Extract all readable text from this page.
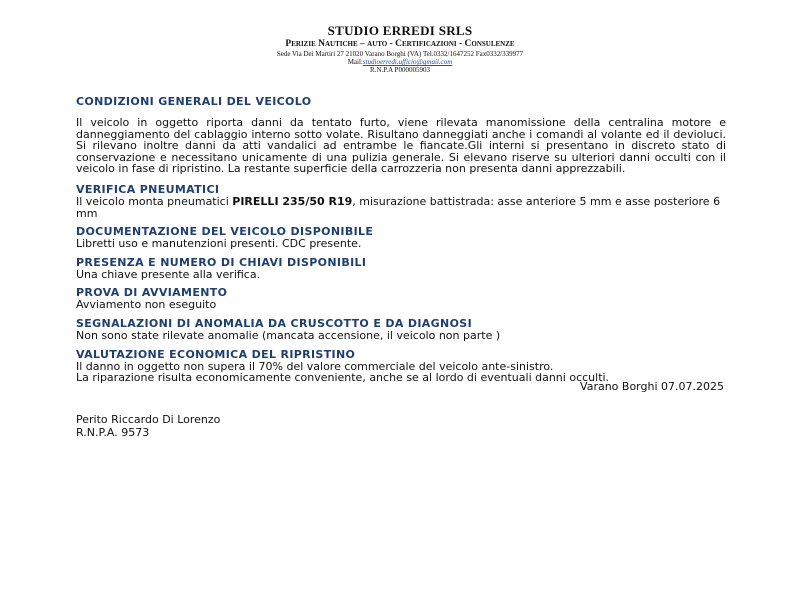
STUDIO ERREDI SRLS
Perizie Nautiche – auto - Certificazioni - Consulenze
Sede Via Dei Martiri 27 21020 Varano Borghi (VA) Tel.0332/1647252 Fax0332/339977
Mail:studioerredi.ufficio@gmail.com
R.N.P.A P000005903
CONDIZIONI GENERALI DEL VEICOLO

Il veicolo in oggetto riporta danni da tentato furto, viene rilevata manomissione della centralina motore e danneggiamento del cablaggio interno sotto volate. Risultano danneggiati anche i comandi al volante ed il devioluci. Si rilevano inoltre danni da atti vandalici ad entrambe le fiancate.Gli interni si presentano in discreto stato di conservazione e necessitano unicamente di una pulizia generale. Si elevano riserve su ulteriori danni occulti con il veicolo in fase di ripristino. La restante superficie della carrozzeria non presenta danni apprezzabili.

VERIFICA PNEUMATICI

Il veicolo monta pneumatici PIRELLI 235/50 R19, misurazione battistrada: asse anteriore 5 mm e asse posteriore 6 mm

DOCUMENTAZIONE DEL VEICOLO DISPONIBILE

Libretti uso e manutenzioni presenti. CDC presente.

PRESENZA E NUMERO DI CHIAVI DISPONIBILI

Una chiave presente alla verifica.

PROVA DI AVVIAMENTO

Avviamento non eseguito

SEGNALAZIONI DI ANOMALIA DA CRUSCOTTO E DA DIAGNOSI

Non sono state rilevate anomalie (mancata accensione, il veicolo non parte )

VALUTAZIONE ECONOMICA DEL RIPRISTINO

Il danno in oggetto non supera il 70% del valore commerciale del veicolo ante-sinistro.

La riparazione risulta economicamente conveniente, anche se al lordo di eventuali danni occulti.

Varano Borghi 07.07.2025
Perito Riccardo Di Lorenzo
R.N.P.A. 9573
